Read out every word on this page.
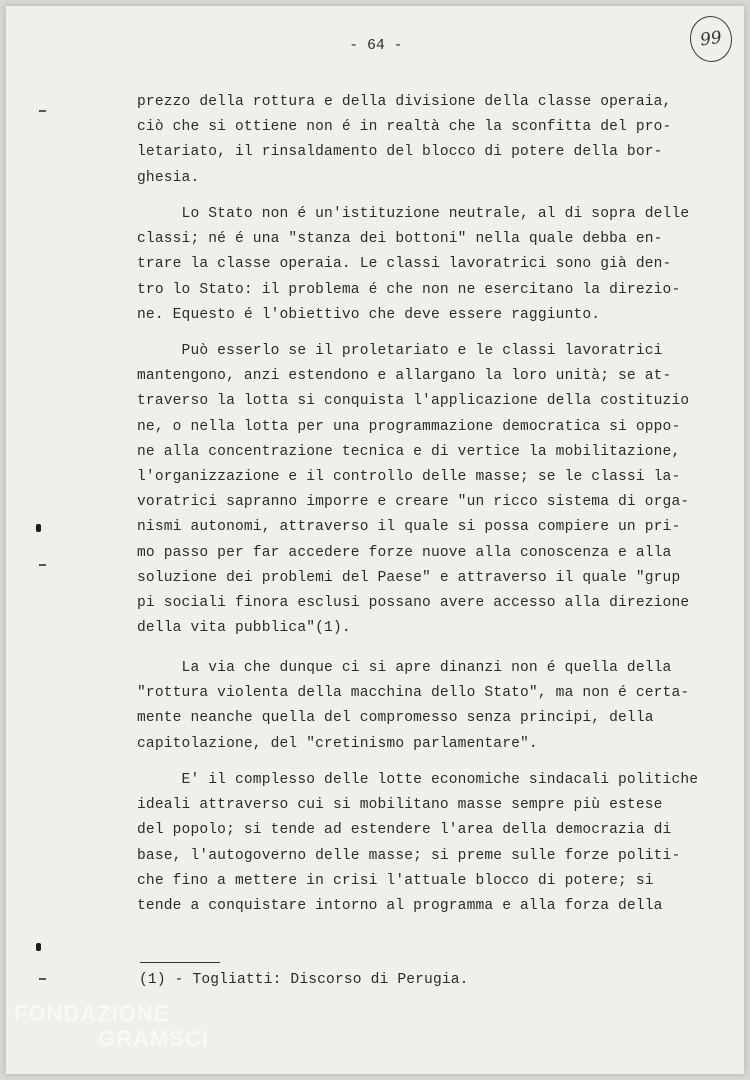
- 64 -	99
prezzo della rottura e della divisione della classe operaia,
ciò che si ottiene non é in realtà che la sconfitta del pro-
letariato, il rinsaldamento del blocco di potere della bor-
ghesia.
Lo Stato non é un'istituzione neutrale, al di sopra delle
classi; né é una "stanza dei bottoni" nella quale debba en-
trare la classe operaia. Le classi lavoratrici sono già den-
tro lo Stato: il problema é che non ne esercitano la direzio-
ne. Equesto é l'obiettivo che deve essere raggiunto.
Può esserlo se il proletariato e le classi lavoratrici
mantengono, anzi estendono e allargano la loro unità; se at-
traverso la lotta si conquista l'applicazione della costituzio
ne, o nella lotta per una programmazione democratica si oppo-
ne alla concentrazione tecnica e di vertice la mobilitazione,
l'organizzazione e il controllo delle masse; se le classi la-
voratrici sapranno imporre e creare "un ricco sistema di orga-
nismi autonomi, attraverso il quale si possa compiere un pri-
mo passo per far accedere forze nuove alla conoscenza e alla
soluzione dei problemi del Paese" e attraverso il quale "grup
pi sociali finora esclusi possano avere accesso alla direzione
della vita pubblica"(1).
La via che dunque ci si apre dinanzi non é quella della
"rottura violenta della macchina dello Stato", ma non é certa-
mente neanche quella del compromesso senza principi, della
capitolazione, del "cretinismo parlamentare".
E' il complesso delle lotte economiche sindacali politiche
ideali attraverso cui si mobilitano masse sempre più estese
del popolo; si tende ad estendere l'area della democrazia di
base, l'autogoverno delle masse; si preme sulle forze politi-
che fino a mettere in crisi l'attuale blocco di potere; si
tende a conquistare intorno al programma e alla forza della
(1) - Togliatti: Discorso di Perugia.
FONDAZIONE
GRAMSCI
